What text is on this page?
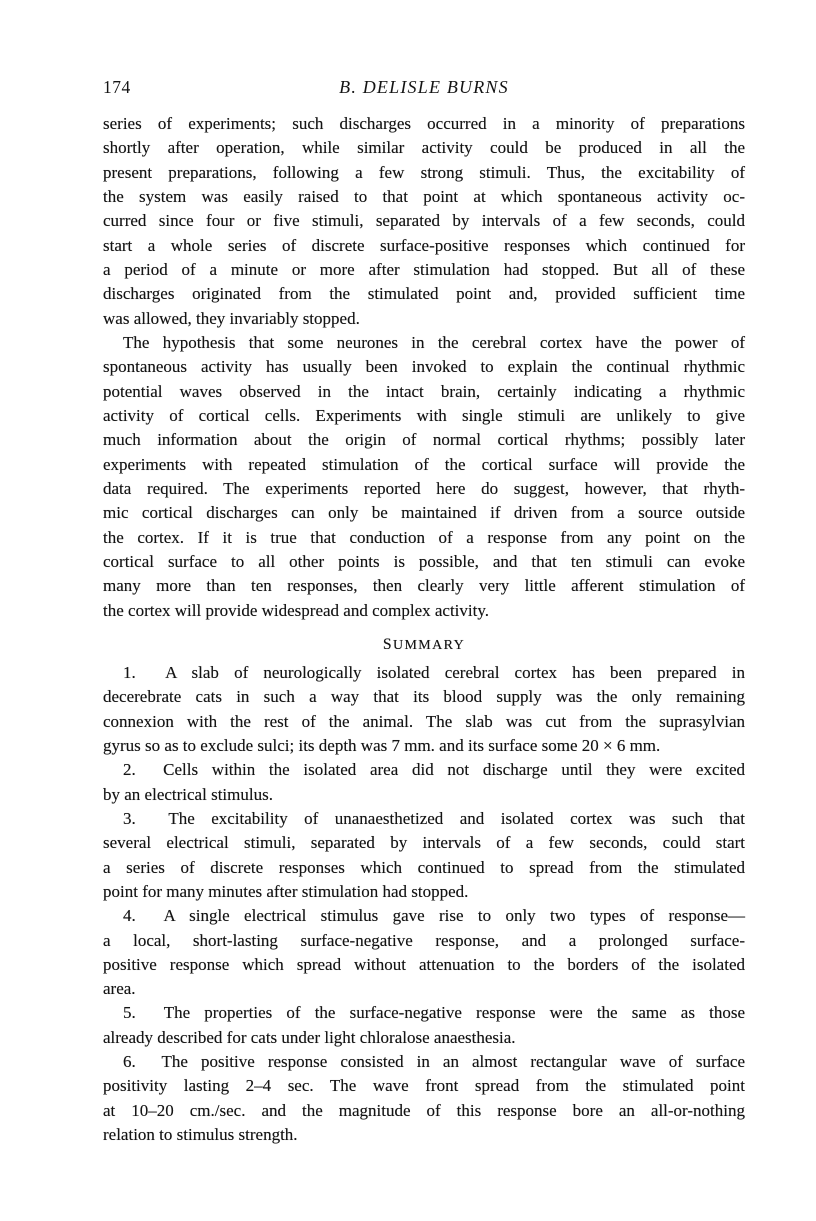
174	B. DELISLE BURNS
series of experiments; such discharges occurred in a minority of preparations
shortly after operation, while similar activity could be produced in all the
present preparations, following a few strong stimuli. Thus, the excitability of
the system was easily raised to that point at which spontaneous activity oc-
curred since four or five stimuli, separated by intervals of a few seconds, could
start a whole series of discrete surface-positive responses which continued for
a period of a minute or more after stimulation had stopped. But all of these
discharges originated from the stimulated point and, provided sufficient time
was allowed, they invariably stopped.
The hypothesis that some neurones in the cerebral cortex have the power of
spontaneous activity has usually been invoked to explain the continual rhythmic
potential waves observed in the intact brain, certainly indicating a rhythmic
activity of cortical cells. Experiments with single stimuli are unlikely to give
much information about the origin of normal cortical rhythms; possibly later
experiments with repeated stimulation of the cortical surface will provide the
data required. The experiments reported here do suggest, however, that rhyth-
mic cortical discharges can only be maintained if driven from a source outside
the cortex. If it is true that conduction of a response from any point on the
cortical surface to all other points is possible, and that ten stimuli can evoke
many more than ten responses, then clearly very little afferent stimulation of
the cortex will provide widespread and complex activity.
SUMMARY
1.  A slab of neurologically isolated cerebral cortex has been prepared in
decerebrate cats in such a way that its blood supply was the only remaining
connexion with the rest of the animal. The slab was cut from the suprasylvian
gyrus so as to exclude sulci; its depth was 7 mm. and its surface some 20 × 6 mm.
2.  Cells within the isolated area did not discharge until they were excited
by an electrical stimulus.
3.  The excitability of unanaesthetized and isolated cortex was such that
several electrical stimuli, separated by intervals of a few seconds, could start
a series of discrete responses which continued to spread from the stimulated
point for many minutes after stimulation had stopped.
4.  A single electrical stimulus gave rise to only two types of response—
a local, short-lasting surface-negative response, and a prolonged surface-
positive response which spread without attenuation to the borders of the isolated
area.
5.  The properties of the surface-negative response were the same as those
already described for cats under light chloralose anaesthesia.
6.  The positive response consisted in an almost rectangular wave of surface
positivity lasting 2–4 sec. The wave front spread from the stimulated point
at 10–20 cm./sec. and the magnitude of this response bore an all-or-nothing
relation to stimulus strength.
